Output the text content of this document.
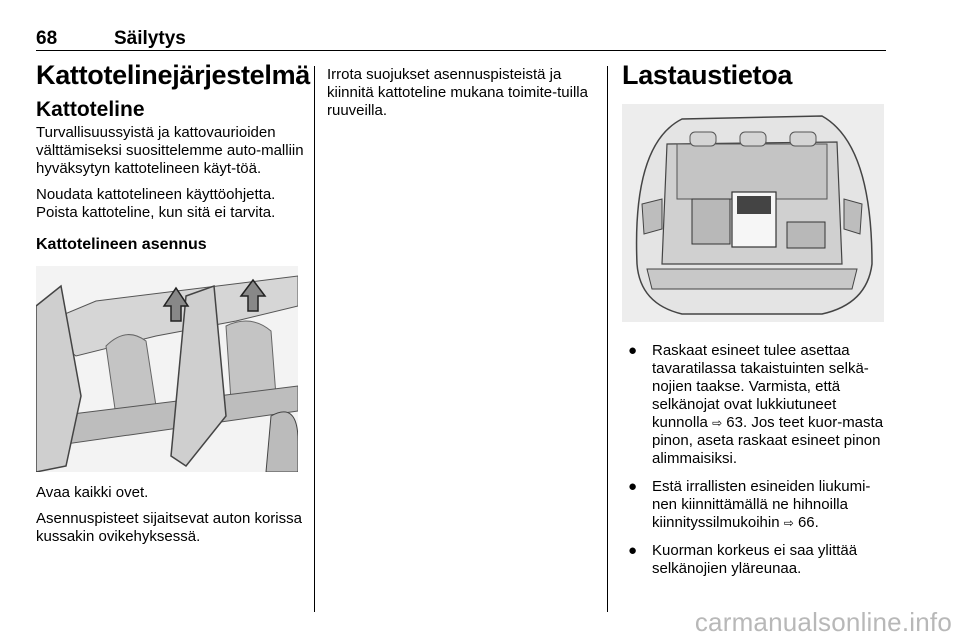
68	Säilytys
Kattotelinejärjestelmä
Kattoteline

Turvallisuussyistä ja kattovaurioiden välttämiseksi suosittelemme auto-malliin hyväksytyn kattotelineen käyt-töä.

Noudata kattotelineen käyttöohjetta. Poista kattoteline, kun sitä ei tarvita.

Kattotelineen asennus

Avaa kaikki ovet.

Asennuspisteet sijaitsevat auton korissa kussakin ovikehyksessä.

Irrota suojukset asennuspisteistä ja kiinnitä kattoteline mukana toimite-tuilla ruuveilla.

Lastaustietoa
● Raskaat esineet tulee asettaa tavaratilassa takaistuinten selkä-nojien taakse. Varmista, että selkänojat ovat lukkiutuneet kunnolla ⇨ 63. Jos teet kuor-masta pinon, aseta raskaat esineet pinon alimmaisiksi.
● Estä irrallisten esineiden liukumi-nen kiinnittämällä ne hihnoilla kiinnityssilmukoihin ⇨ 66.
● Kuorman korkeus ei saa ylittää selkänojien yläreunaa.
carmanualsonline.info
